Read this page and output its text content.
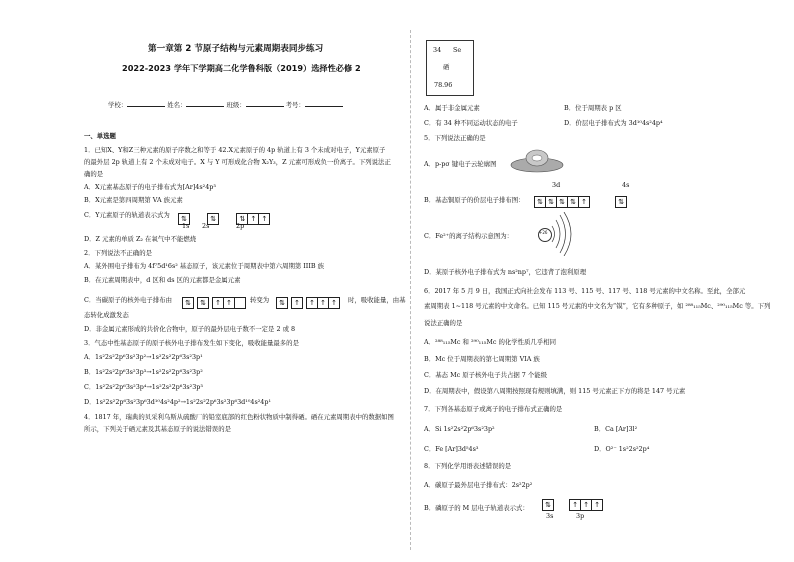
第一章第 2 节原子结构与元素周期表同步练习
2022-2023 学年下学期高二化学鲁科版（2019）选择性必修 2
学校：	姓名：	班级：	考号：
一、单选题
1．已知X、Y和Z三种元素的原子序数之和等于 42.X元素原子的 4p 轨道上有 3 个未成对电子，Y元素原子
的最外层 2p 轨道上有 2 个未成对电子。X 与 Y 可形成化合物 X₂Y₃，Z 元素可形成负一价离子。下列说法正
确的是
A．X元素基态原子的电子排布式为[Ar]4s²4p³
B．X元素是第四周期第 VA 族元素
C．Y元素原子的轨道表示式为	⇅	⇅	⇅ ↑ ↑
1s 2s	2p
D．Z 元素的单质 Z₂ 在氧气中不能燃烧
2．下列说法不正确的是
A．某外围电子排布为 4f⁷5d¹6s² 基态原子，该元素位于周期表中第六周期第 IIIB 族
B．在元素周期表中，d 区和 ds 区的元素都是金属元素
C．当碳原子的核外电子排布由	⇅ ⇅ ↑ ↑	转变为	⇅ ↑ ↑ ↑ ↑	时，吸收能量，由基
态转化成激发态
D．非金属元素形成的共价化合物中，原子的最外层电子数不一定是 2 或 8
3．气态中性基态原子的原子核外电子排布发生如下变化，吸收能量最多的是
A．1s²2s²2p⁶3s²3p²→1s²2s²2p⁶3s²3p¹
B．1s²2s²2p⁶3s²3p³→1s²2s²2p⁶3s²3p²
C．1s²2s²2p⁶3s²3p⁴→1s²2s²2p⁶3s²3p³
D．1s²2s²2p⁶3s²3p⁶3d¹⁰4s²4p²→1s²2s²2p⁶3s²3p⁶3d¹⁰4s²4p¹
4．1817 年，瑞典的贝采利乌斯从硫酸厂的铅室底部的红色粉状物质中制得硒。硒在元素周期表中的数据如图
所示，下列关于硒元素及其基态原子的说法错误的是
34 Se
硒
78.96
A．属于非金属元素	B．位于周期表 p 区
C．有 34 种不同运动状态的电子	D．价层电子排布式为 3d¹⁰4s²4p⁴
5．下列说法正确的是
A．p-pσ 键电子云轮廓图
B．基态铜原子的价层电子排布图：
3d	4s
⇅ ⇅ ⇅ ⇅ ↑	⇅
C．Fe²⁺的离子结构示意图为：	+26
D．某原子核外电子排布式为 ns²np⁷，它违背了泡利原理
6．2017 年 5 月 9 日，我国正式向社会发布 113 号、115 号、117 号、118 号元素的中文名称。至此，全部元
素周期表 1~118 号元素的中文命名。已知 115 号元素的中文名为“镆”，它有多种原子，如 ²⁸⁸₁₁₅Mc、²⁹⁰₁₁₅Mc 等。下列
说法正确的是
A．²⁸⁸₁₁₅Mc 和 ²⁹⁰₁₁₅Mc 的化学性质几乎相同
B．Mc 位于周期表的第七周期第 VIA 族
C．基态 Mc 原子核外电子共占据 7 个能级
D．在周期表中，假设第八周期按照现有规则填满，则 115 号元素正下方的将是 147 号元素
7．下列各基态原子或离子的电子排布式正确的是
A．Si 1s²2s²2p⁶3s²3p²	B．Ca [Ar]3l²
C．Fe [Ar]3d⁵4s³	D．O²⁻ 1s²2s²2p⁴
8．下列化学用语表述错误的是
A．碳原子最外层电子排布式：2s²2p²
B．磷原子的 M 层电子轨道表示式：	⇅	↑ ↑ ↑
3s	3p
